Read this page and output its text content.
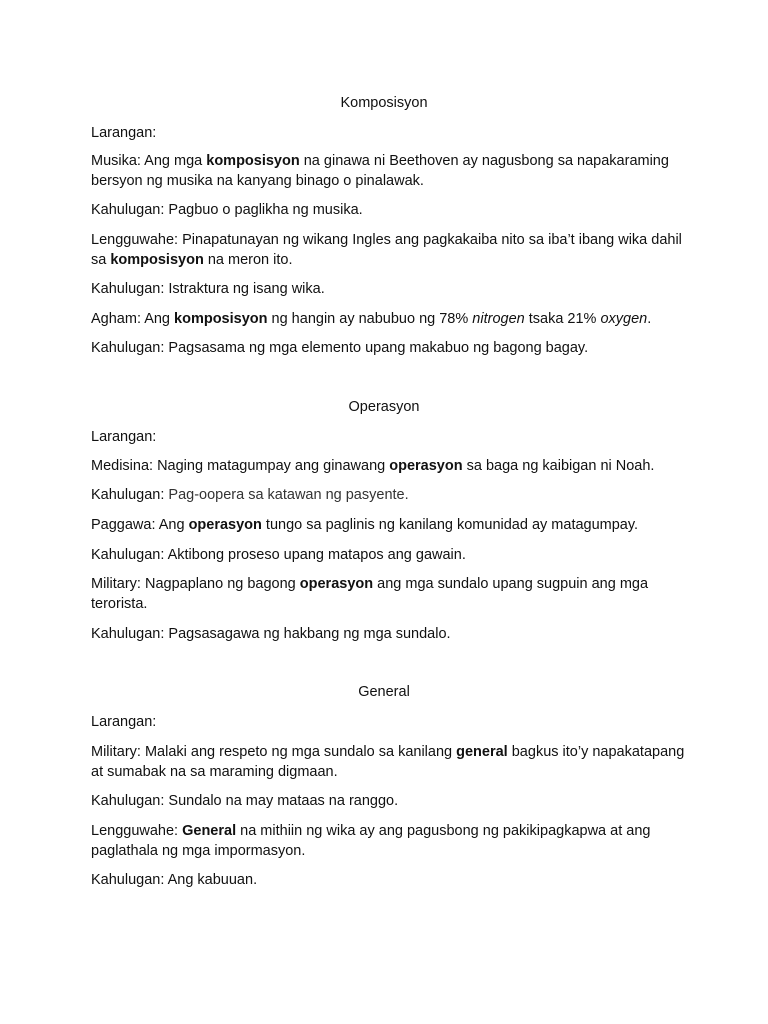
Komposisyon
Larangan:
Musika: Ang mga komposisyon na ginawa ni Beethoven ay nagusbong sa napakaraming bersyon ng musika na kanyang binago o pinalawak.
Kahulugan: Pagbuo o paglikha ng musika.
Lengguwahe: Pinapatunayan ng wikang Ingles ang pagkakaiba nito sa iba’t ibang wika dahil sa komposisyon na meron ito.
Kahulugan: Istraktura ng isang wika.
Agham: Ang komposisyon ng hangin ay nabubuo ng 78% nitrogen tsaka 21% oxygen.
Kahulugan: Pagsasama ng mga elemento upang makabuo ng bagong bagay.
Operasyon
Larangan:
Medisina: Naging matagumpay ang ginawang operasyon sa baga ng kaibigan ni Noah.
Kahulugan: Pag-oopera sa katawan ng pasyente.
Paggawa: Ang operasyon tungo sa paglinis ng kanilang komunidad ay matagumpay.
Kahulugan: Aktibong proseso upang matapos ang gawain.
Military: Nagpaplano ng bagong operasyon ang mga sundalo upang sugpuin ang mga terorista.
Kahulugan: Pagsasagawa ng hakbang ng mga sundalo.
General
Larangan:
Military: Malaki ang respeto ng mga sundalo sa kanilang general bagkus ito’y napakatapang at sumabak na sa maraming digmaan.
Kahulugan: Sundalo na may mataas na ranggo.
Lengguwahe: General na mithiin ng wika ay ang pagusbong ng pakikipagkapwa at ang paglathala ng mga impormasyon.
Kahulugan: Ang kabuuan.
